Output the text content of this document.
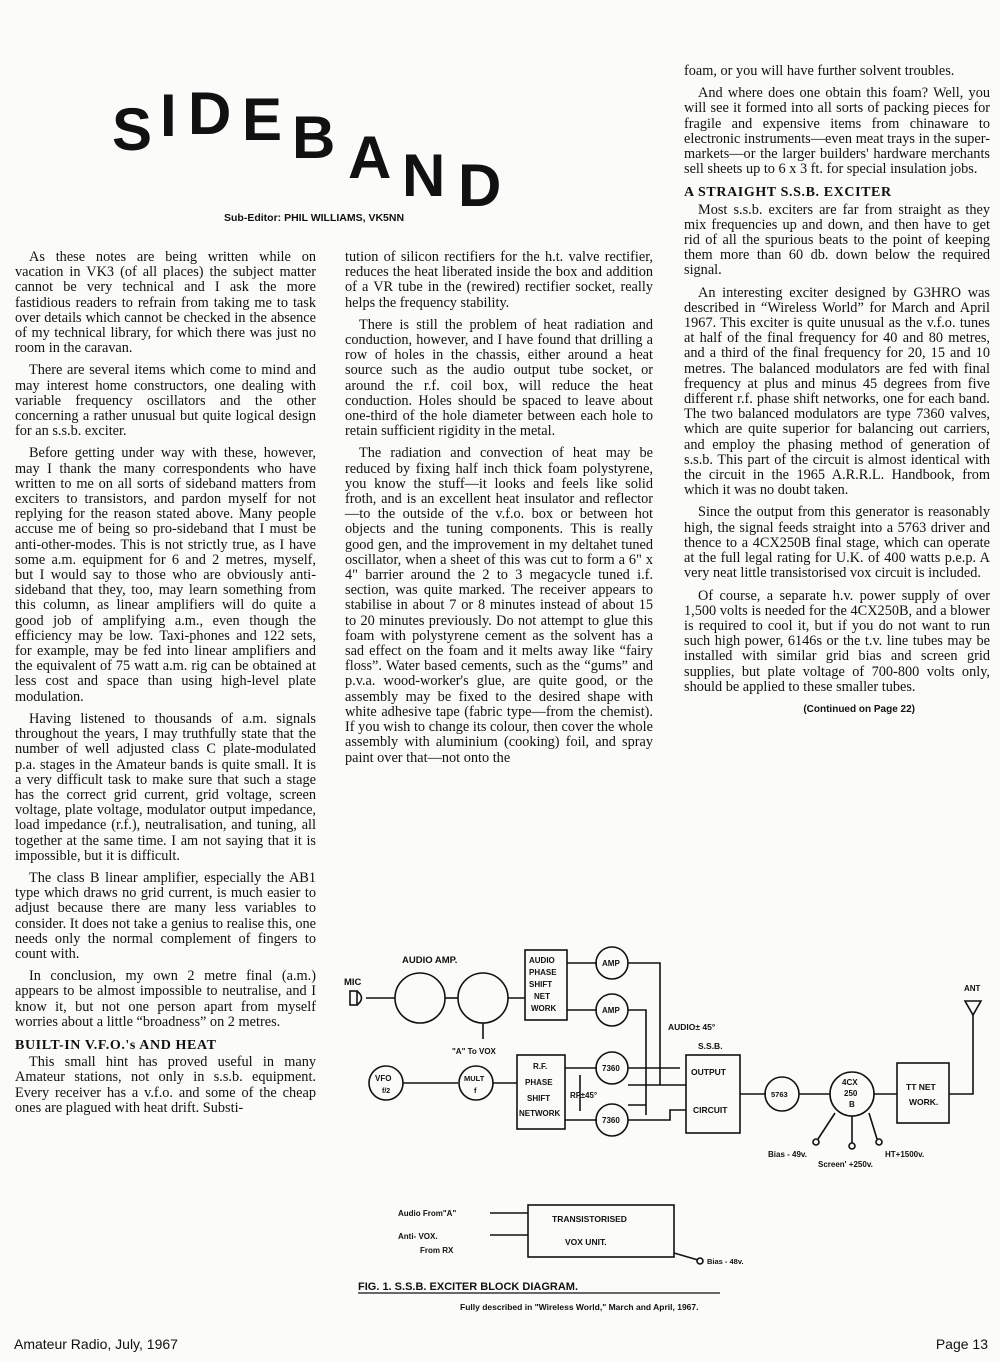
S I D E B A N D
Sub-Editor: PHIL WILLIAMS, VK5NN

As these notes are being written while on vacation in VK3 (of all places) the subject matter cannot be very technical and I ask the more fastidious readers to refrain from taking me to task over details which cannot be checked in the absence of my technical library, for which there was just no room in the caravan.

There are several items which come to mind and may interest home constructors, one dealing with variable frequency oscillators and the other concerning a rather unusual but quite logical design for an s.s.b. exciter.

Before getting under way with these, however, may I thank the many correspondents who have written to me on all sorts of sideband matters from exciters to transistors, and pardon myself for not replying for the reason stated above. Many people accuse me of being so pro-sideband that I must be anti-other-modes. This is not strictly true, as I have some a.m. equipment for 6 and 2 metres, myself, but I would say to those who are obviously anti-sideband that they, too, may learn something from this column, as linear amplifiers will do quite a good job of amplifying a.m., even though the efficiency may be low. Taxi-phones and 122 sets, for example, may be fed into linear amplifiers and the equivalent of 75 watt a.m. rig can be obtained at less cost and space than using high-level plate modulation.

Having listened to thousands of a.m. signals throughout the years, I may truthfully state that the number of well adjusted class C plate-modulated p.a. stages in the Amateur bands is quite small. It is a very difficult task to make sure that such a stage has the correct grid current, grid voltage, screen voltage, plate voltage, modulator output impedance, load impedance (r.f.), neutralisation, and tuning, all together at the same time. I am not saying that it is impossible, but it is difficult.

The class B linear amplifier, especially the AB1 type which draws no grid current, is much easier to adjust because there are many less variables to consider. It does not take a genius to realise this, one needs only the normal complement of fingers to count with.

In conclusion, my own 2 metre final (a.m.) appears to be almost impossible to neutralise, and I know it, but not one person apart from myself worries about a little “broadness” on 2 metres.

BUILT-IN V.F.O.'s AND HEAT

This small hint has proved useful in many Amateur stations, not only in s.s.b. equipment. Every receiver has a v.f.o. and some of the cheap ones are plagued with heat drift. Substi-

tution of silicon rectifiers for the h.t. valve rectifier, reduces the heat liberated inside the box and addition of a VR tube in the (rewired) rectifier socket, really helps the frequency stability.

There is still the problem of heat radiation and conduction, however, and I have found that drilling a row of holes in the chassis, either around a heat source such as the audio output tube socket, or around the r.f. coil box, will reduce the heat conduction. Holes should be spaced to leave about one-third of the hole diameter between each hole to retain sufficient rigidity in the metal.

The radiation and convection of heat may be reduced by fixing half inch thick foam polystyrene, you know the stuff—it looks and feels like solid froth, and is an excellent heat insulator and reflector—to the outside of the v.f.o. box or between hot objects and the tuning components. This is really good gen, and the improvement in my deltahet tuned oscillator, when a sheet of this was cut to form a 6" x 4" barrier around the 2 to 3 megacycle tuned i.f. section, was quite marked. The receiver appears to stabilise in about 7 or 8 minutes instead of about 15 to 20 minutes previously. Do not attempt to glue this foam with polystyrene cement as the solvent has a sad effect on the foam and it melts away like “fairy floss”. Water based cements, such as the “gums” and p.v.a. wood-worker's glue, are quite good, or the assembly may be fixed to the desired shape with white adhesive tape (fabric type—from the chemist). If you wish to change its colour, then cover the whole assembly with aluminium (cooking) foil, and spray paint over that—not onto the

foam, or you will have further solvent troubles.

And where does one obtain this foam? Well, you will see it formed into all sorts of packing pieces for fragile and expensive items from chinaware to electronic instruments—even meat trays in the super-markets—or the larger builders' hardware merchants sell sheets up to 6 x 3 ft. for special insulation jobs.

A STRAIGHT S.S.B. EXCITER

Most s.s.b. exciters are far from straight as they mix frequencies up and down, and then have to get rid of all the spurious beats to the point of keeping them more than 60 db. down below the required signal.

An interesting exciter designed by G3HRO was described in “Wireless World” for March and April 1967. This exciter is quite unusual as the v.f.o. tunes at half of the final frequency for 40 and 80 metres, and a third of the final frequency for 20, 15 and 10 metres. The balanced modulators are fed with final frequency at plus and minus 45 degrees from five different r.f. phase shift networks, one for each band. The two balanced modulators are type 7360 valves, which are quite superior for balancing out carriers, and employ the phasing method of generation of s.s.b. This part of the circuit is almost identical with the circuit in the 1965 A.R.R.L. Handbook, from which it was no doubt taken.

Since the output from this generator is reasonably high, the signal feeds straight into a 5763 driver and thence to a 4CX250B final stage, which can operate at the full legal rating for U.K. of 400 watts p.e.p. A very neat little transistorised vox circuit is included.

Of course, a separate h.v. power supply of over 1,500 volts is needed for the 4CX250B, and a blower is required to cool it, but if you do not want to run such high power, 6146s or the t.v. line tubes may be installed with similar grid bias and screen grid supplies, but plate voltage of 700-800 volts only, should be applied to these smaller tubes.

(Continued on Page 22)

MIC
AUDIO AMP.
"A" To VOX
AUDIO
PHASE
SHIFT
NET
WORK
AMP
AMP
AUDIO± 45°
ANT
VFO
f/2
MULT
f
R.F.
PHASE
SHIFT
NETWORK
RF±45°
7360
7360
S.S.B.
OUTPUT
CIRCUIT
5763
4CX
250
B
TT NET
WORK.
Bias - 49v.
Screen' +250v.
HT+1500v.
Audio From"A"
Anti- VOX.
From RX
TRANSISTORISED
VOX UNIT.
Bias - 48v.
FIG. 1. S.S.B. EXCITER BLOCK DIAGRAM.
Fully described in "Wireless World," March and April, 1967.
Amateur Radio, July, 1967	Page 13
